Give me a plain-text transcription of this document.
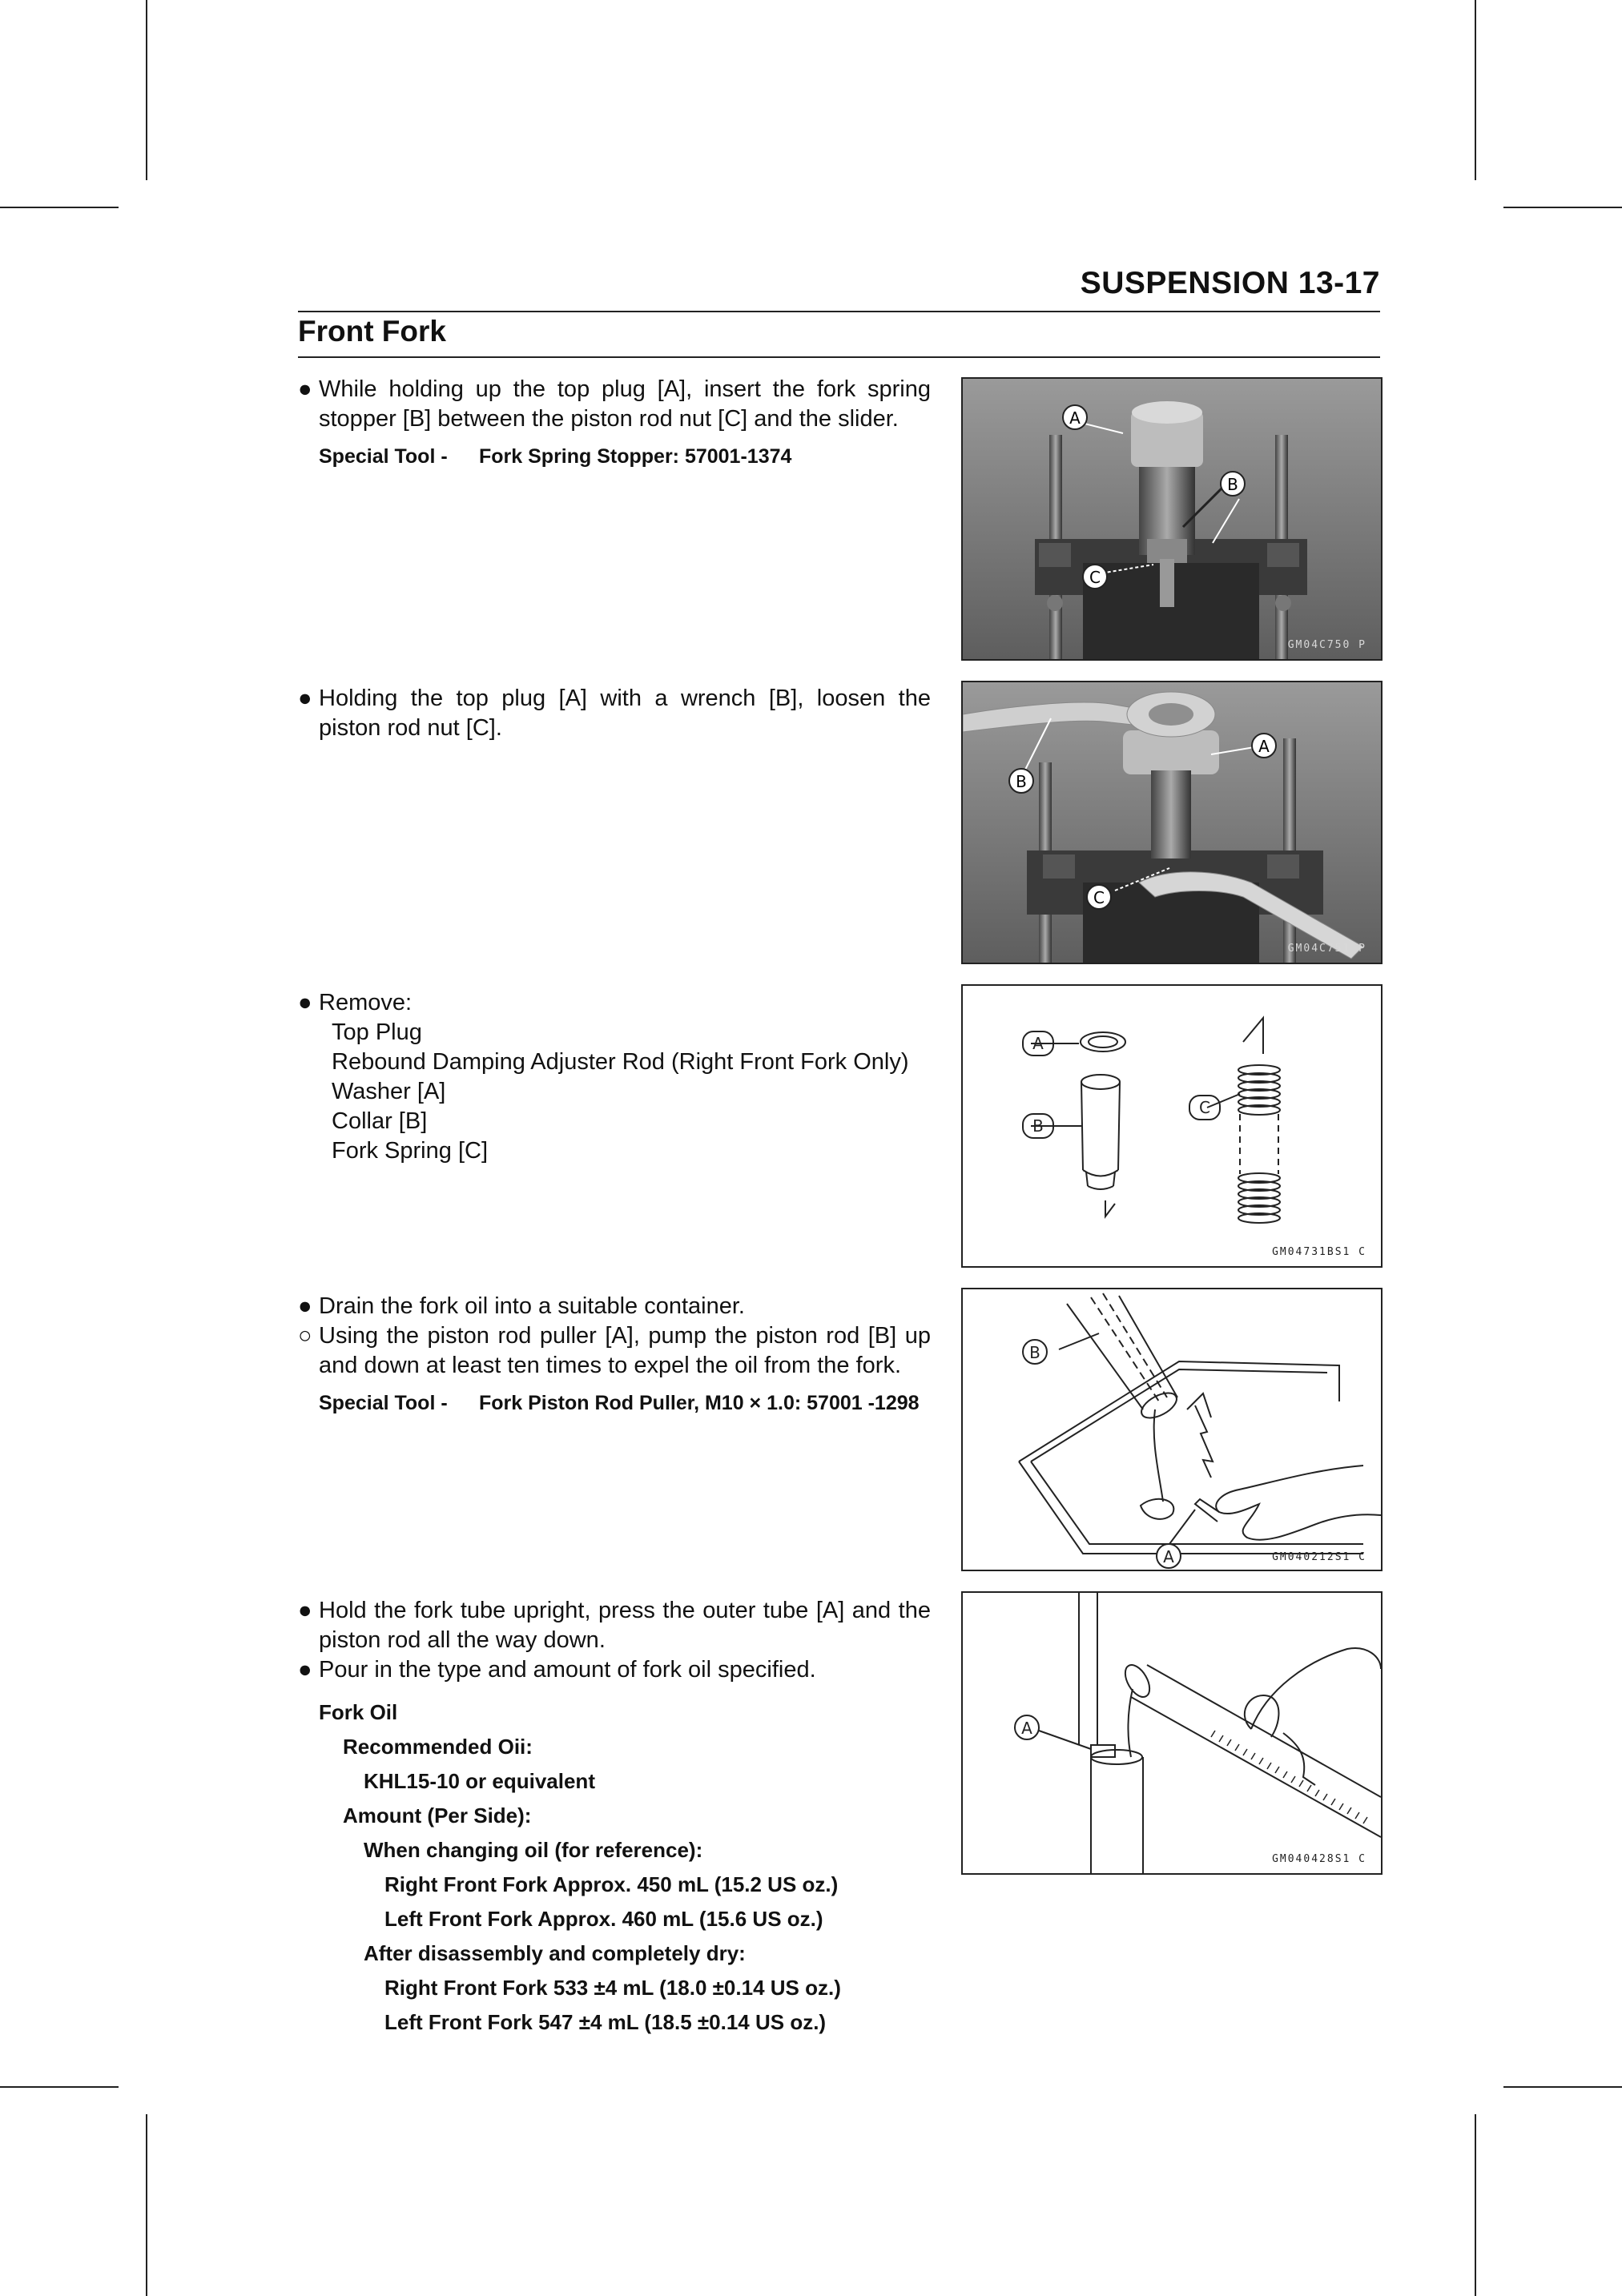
SUSPENSION 13-17
Front Fork
● While holding up the top plug [A], insert the fork spring stopper [B] between the piston rod nut [C] and the slider.
Special Tool -	Fork Spring Stopper: 57001-1374
● Holding the top plug [A] with a wrench [B], loosen the piston rod nut [C].
● Remove:
Top Plug
Rebound Damping Adjuster Rod (Right Front Fork Only)
Washer [A]
Collar [B]
Fork Spring [C]
● Drain the fork oil into a suitable container.
○ Using the piston rod puller [A], pump the piston rod [B] up and down at least ten times to expel the oil from the fork.
Special Tool -	Fork Piston Rod Puller, M10 × 1.0: 57001 -1298
● Hold the fork tube upright, press the outer tube [A] and the piston rod all the way down.
● Pour in the type and amount of fork oil specified.
Fork Oil
Recommended Oii:
KHL15-10 or equivalent
Amount (Per Side):
When changing oil (for reference):
Right Front Fork Approx. 450 mL (15.2 US oz.)
Left Front Fork Approx. 460 mL (15.6 US oz.)
After disassembly and completely dry:
Right Front Fork 533 ±4 mL (18.0 ±0.14 US oz.)
Left Front Fork 547 ±4 mL (18.5 ±0.14 US oz.)
A
B
C
GM04C750 P
A
B
C
GM04C751 P
A
B
C
GM04731BS1 C
B
A	GM040212S1 C
A
GM040428S1 C
